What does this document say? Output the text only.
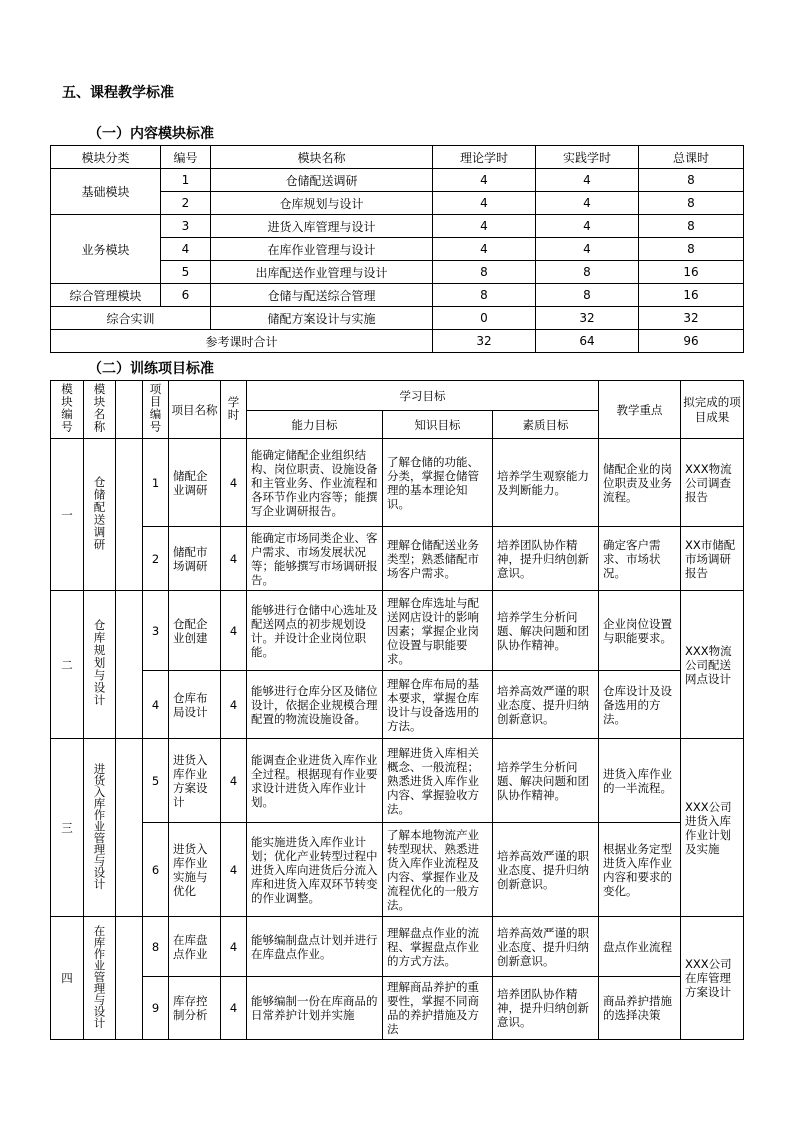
五、课程教学标准
（一）内容模块标准
模块分类	编号	模块名称	理论学时	实践学时	总课时
基础模块	1	仓储配送调研	4	4	8
	2	仓库规划与设计	4	4	8
业务模块	3	进货入库管理与设计	4	4	8
	4	在库作业管理与设计	4	4	8
	5	出库配送作业管理与设计	8	8	16
综合管理模块	6	仓储与配送综合管理	8	8	16
综合实训		储配方案设计与实施	0	32	32
参考课时合计			32	64	96
（二）训练项目标准
模块编号	模块名称		项目编号	项目名称	学时	学习目标			教学重点	拟完成的项目成果
						能力目标	知识目标	素质目标		
一	仓储配送调研		1	储配企业调研	4	能确定储配企业组织结构、岗位职责、设施设备和主管业务、作业流程和各环节作业内容等；能撰写企业调研报告。	了解仓储的功能、分类，掌握仓储管理的基本理论知识。	培养学生观察能力及判断能力。	储配企业的岗位职责及业务流程。	XXX物流公司调查报告
			2	储配市场调研	4	能确定市场同类企业、客户需求、市场发展状况等；能够撰写市场调研报告。	理解仓储配送业务类型；熟悉储配市场客户需求。	培养团队协作精神，提升归纳创新意识。	确定客户需求、市场状况。	XX市储配市场调研报告
二	仓库规划与设计		3	仓配企业创建	4	能够进行仓储中心选址及配送网点的初步规划设计。并设计企业岗位职能。	理解仓库选址与配送网店设计的影响因素；掌握企业岗位设置与职能要求。	培养学生分析问题、解决问题和团队协作精神。	企业岗位设置与职能要求。	XXX物流公司配送网点设计
			4	仓库布局设计	4	能够进行仓库分区及储位设计，依据企业规模合理配置的物流设施设备。	理解仓库布局的基本要求，掌握仓库设计与设备选用的方法。	培养高效严谨的职业态度、提升归纳创新意识。	仓库设计及设备选用的方法。	
三	进货入库作业管理与设计		5	进货入库作业方案设计	4	能调查企业进货入库作业全过程。根据现有作业要求设计进货入库作业计划。	理解进货入库相关概念、一般流程；熟悉进货入库作业内容、掌握验收方法。	培养学生分析问题、解决问题和团队协作精神。	进货入库作业的一半流程。	XXX公司进货入库作业计划及实施
			6	进货入库作业实施与优化	4	能实施进货入库作业计划；优化产业转型过程中进货入库向进货后分流入库和进货入库双环节转变的作业调整。	了解本地物流产业转型现状、熟悉进货入库作业流程及内容、掌握作业及流程优化的一般方法。	培养高效严谨的职业态度、提升归纳创新意识。	根据业务定型进货入库作业内容和要求的变化。	
四	在库作业管理与设计		8	在库盘点作业	4	能够编制盘点计划并进行在库盘点作业。	理解盘点作业的流程、掌握盘点作业的方式方法。	培养高效严谨的职业态度、提升归纳创新意识。	盘点作业流程	XXX公司在库管理方案设计
			9	库存控制分析	4	能够编制一份在库商品的日常养护计划并实施	理解商品养护的重要性，掌握不同商品的养护措施及方法	培养团队协作精神，提升归纳创新意识。	商品养护措施的选择决策	
